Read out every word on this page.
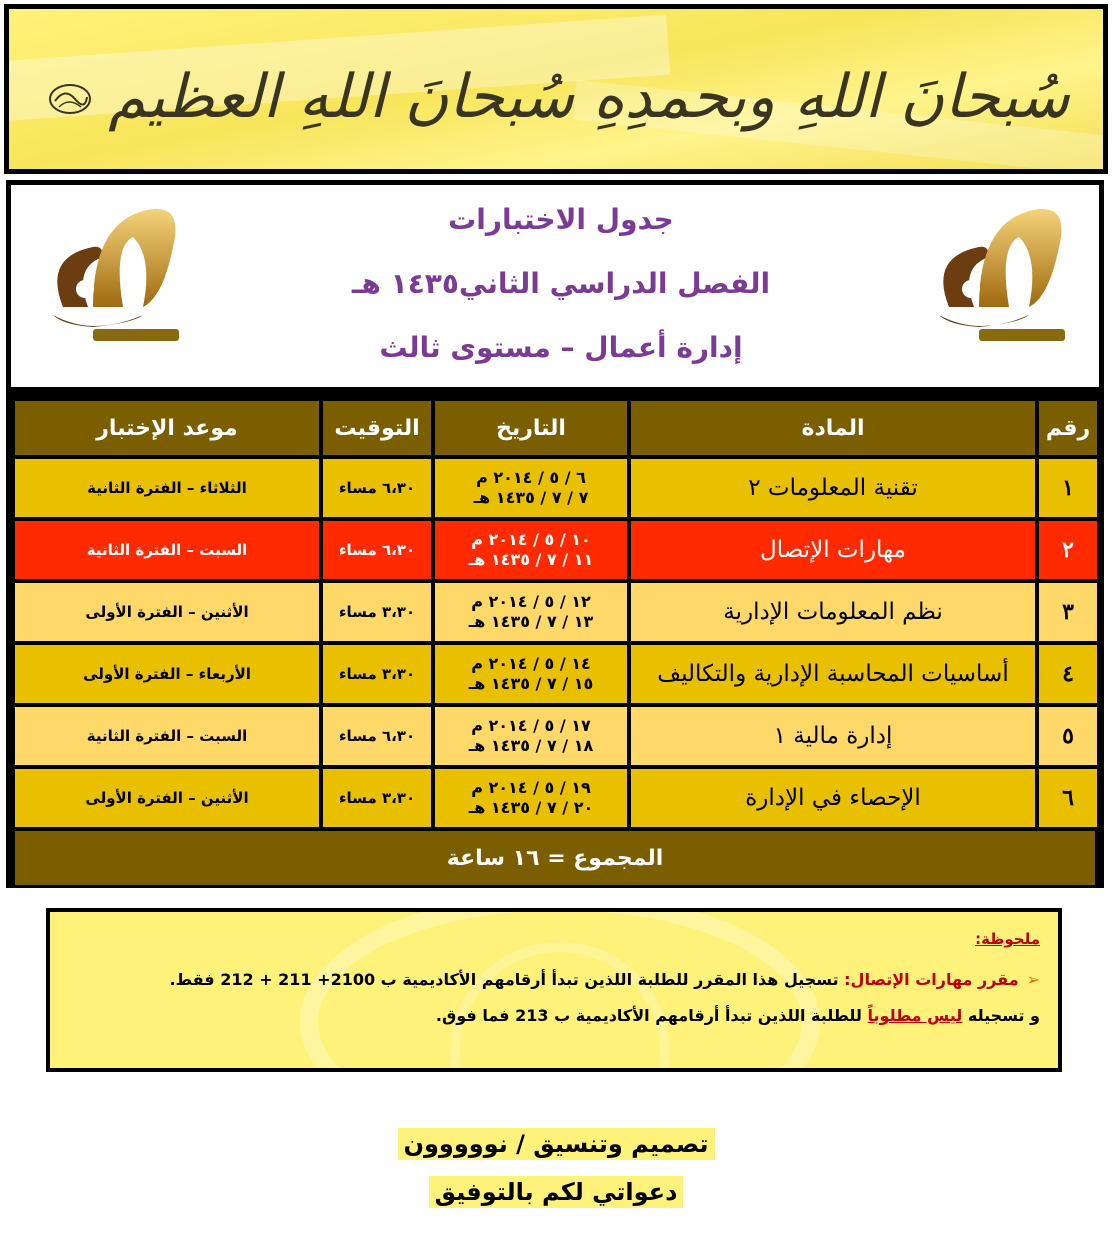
سُبحانَ اللهِ وبحمدِهِ سُبحانَ اللهِ العظيم
جدول الاختبارات
الفصل الدراسي الثاني١٤٣٥ هـ
إدارة أعمال – مستوى ثالث
رقم
المادة
التاريخ
التوقيت
موعد الإختبار
١
تقنية المعلومات ٢
٦ / ٥ / ٢٠١٤ م
٧ / ٧ / ١٤٣٥ هـ
٦،٣٠ مساء
الثلاثاء – الفترة الثانية
٢
مهارات الإتصال
١٠ / ٥ / ٢٠١٤ م
١١ / ٧ / ١٤٣٥ هـ
٦،٣٠ مساء
السبت – الفترة الثانية
٣
نظم المعلومات الإدارية
١٢ / ٥ / ٢٠١٤ م
١٣ / ٧ / ١٤٣٥ هـ
٣،٣٠ مساء
الأثنين – الفترة الأولى
٤
أساسيات المحاسبة الإدارية والتكاليف
١٤ / ٥ / ٢٠١٤ م
١٥ / ٧ / ١٤٣٥ هـ
٣،٣٠ مساء
الأربعاء – الفترة الأولى
٥
إدارة مالية ١
١٧ / ٥ / ٢٠١٤ م
١٨ / ٧ / ١٤٣٥ هـ
٦،٣٠ مساء
السبت – الفترة الثانية
٦
الإحصاء في الإدارة
١٩ / ٥ / ٢٠١٤ م
٢٠ / ٧ / ١٤٣٥ هـ
٣،٣٠ مساء
الأثنين – الفترة الأولى
المجموع = ١٦ ساعة
ملحوظة:
➢مقرر مهارات الإتصال: تسجيل هذا المقرر للطلبة اللذين تبدأ أرقامهم الأكاديمية ب 2100+ 211 + 212 فقط.
و تسجيله ليس مطلوباً للطلبة اللذين تبدأ أرقامهم الأكاديمية ب 213 فما فوق.
تصميم وتنسيق / نووووون
دعواتي لكم بالتوفيق
